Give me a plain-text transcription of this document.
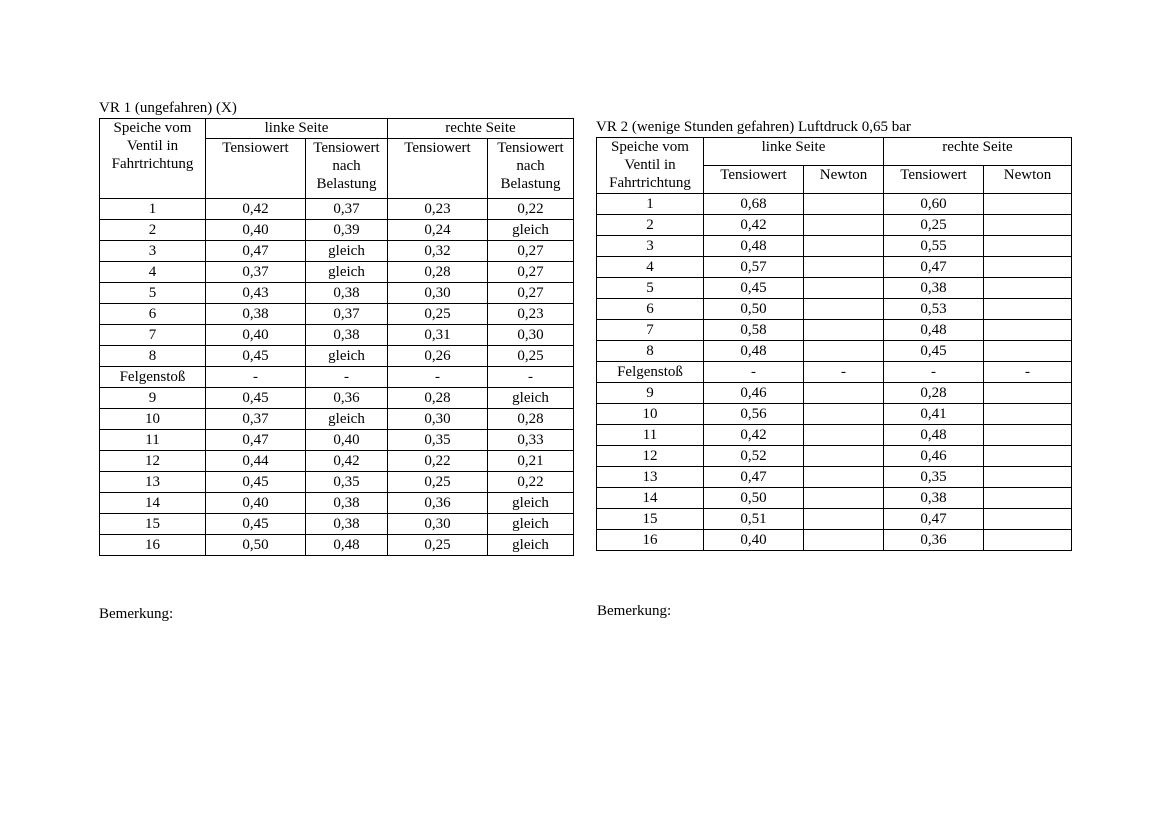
VR 1 (ungefahren) (X)
Speiche vom Ventil in Fahrtrichtung	linke Seite		rechte Seite	
	Tensiowert	Tensiowert nach Belastung	Tensiowert	Tensiowert nach Belastung
1	0,42	0,37	0,23	0,22
2	0,40	0,39	0,24	gleich
3	0,47	gleich	0,32	0,27
4	0,37	gleich	0,28	0,27
5	0,43	0,38	0,30	0,27
6	0,38	0,37	0,25	0,23
7	0,40	0,38	0,31	0,30
8	0,45	gleich	0,26	0,25
Felgenstoß	-	-	-	-
9	0,45	0,36	0,28	gleich
10	0,37	gleich	0,30	0,28
11	0,47	0,40	0,35	0,33
12	0,44	0,42	0,22	0,21
13	0,45	0,35	0,25	0,22
14	0,40	0,38	0,36	gleich
15	0,45	0,38	0,30	gleich
16	0,50	0,48	0,25	gleich
VR 2 (wenige Stunden gefahren) Luftdruck 0,65 bar
Speiche vom Ventil in Fahrtrichtung	linke Seite		rechte Seite	
	Tensiowert	Newton	Tensiowert	Newton
1	0,68		0,60	
2	0,42		0,25	
3	0,48		0,55	
4	0,57		0,47	
5	0,45		0,38	
6	0,50		0,53	
7	0,58		0,48	
8	0,48		0,45	
Felgenstoß	-	-	-	-
9	0,46		0,28	
10	0,56		0,41	
11	0,42		0,48	
12	0,52		0,46	
13	0,47		0,35	
14	0,50		0,38	
15	0,51		0,47	
16	0,40		0,36	
Bemerkung:	Bemerkung:
